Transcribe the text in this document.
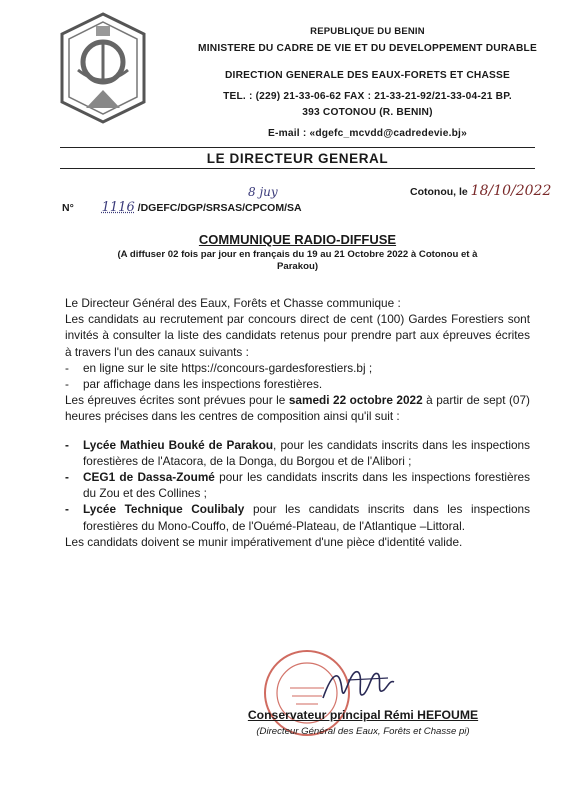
REPUBLIQUE DU BENIN
MINISTERE DU CADRE DE VIE ET DU DEVELOPPEMENT DURABLE
DIRECTION GENERALE DES EAUX-FORETS ET CHASSE
TEL. : (229) 21-33-06-62 FAX : 21-33-21-92/21-33-04-21 BP.
393 COTONOU (R. BENIN)
E-mail : «dgefc_mcvdd@cadredevie.bj»
LE DIRECTEUR GENERAL
N° 1116 /DGEFC/DGP/SRSAS/CPCOM/SA
8 juy	Cotonou, le 18/10/2022
COMMUNIQUE RADIO-DIFFUSE
(A diffuser 02 fois par jour en français du 19 au 21 Octobre 2022 à Cotonou et à Parakou)

Le Directeur Général des Eaux, Forêts et Chasse communique :

Les candidats au recrutement par concours direct de cent (100) Gardes Forestiers sont invités à consulter la liste des candidats retenus pour prendre part aux épreuves écrites à travers l'un des canaux suivants :

- en ligne sur le site https://concours-gardesforestiers.bj ;

- par affichage dans les inspections forestières.

Les épreuves écrites sont prévues pour le samedi 22 octobre 2022 à partir de sept (07) heures précises dans les centres de composition ainsi qu'il suit :

- Lycée Mathieu Bouké de Parakou, pour les candidats inscrits dans les inspections forestières de l'Atacora, de la Donga, du Borgou et de l'Alibori ;

- CEG1 de Dassa-Zoumé pour les candidats inscrits dans les inspections forestières du Zou et des Collines ;

- Lycée Technique Coulibaly pour les candidats inscrits dans les inspections forestières du Mono-Couffo, de l'Ouémé-Plateau, de l'Atlantique –Littoral.

Les candidats doivent se munir impérativement d'une pièce d'identité valide.

Conservateur principal Rémi HEFOUME
(Directeur Général des Eaux, Forêts et Chasse pi)
